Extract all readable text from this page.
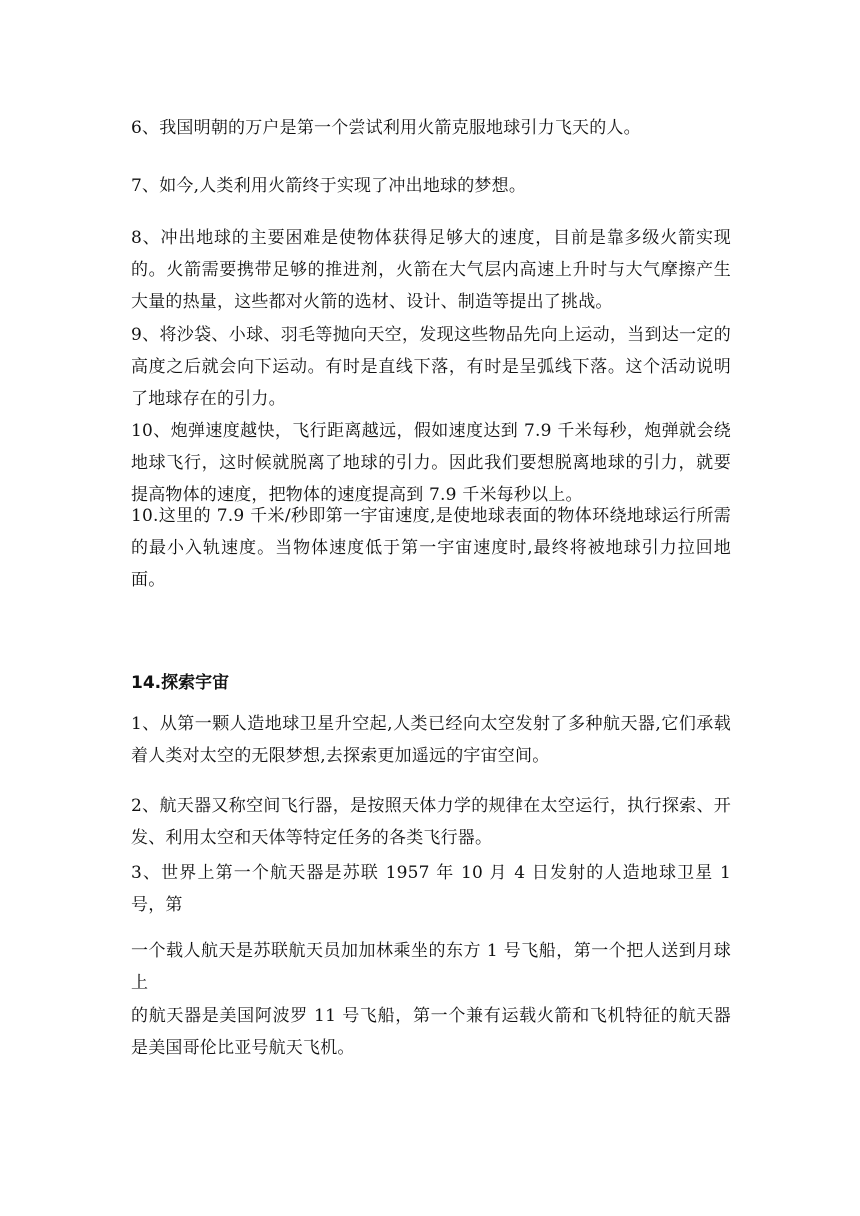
6、我国明朝的万户是第一个尝试利用火箭克服地球引力飞天的人。

7、如今,人类利用火箭终于实现了冲出地球的梦想。

8、冲出地球的主要困难是使物体获得足够大的速度，目前是靠多级火箭实现的。火箭需要携带足够的推进剂，火箭在大气层内高速上升时与大气摩擦产生大量的热量，这些都对火箭的选材、设计、制造等提出了挑战。

9、将沙袋、小球、羽毛等抛向天空，发现这些物品先向上运动，当到达一定的高度之后就会向下运动。有时是直线下落，有时是呈弧线下落。这个活动说明了地球存在的引力。

10、炮弹速度越快，飞行距离越远，假如速度达到 7.9 千米每秒，炮弹就会绕地球飞行，这时候就脱离了地球的引力。因此我们要想脱离地球的引力，就要提高物体的速度，把物体的速度提高到 7.9 千米每秒以上。

10.这里的 7.9 千米/秒即第一宇宙速度,是使地球表面的物体环绕地球运行所需的最小入轨速度。当物体速度低于第一宇宙速度时,最终将被地球引力拉回地面。

14.探索宇宙

1、从第一颗人造地球卫星升空起,人类已经向太空发射了多种航天器,它们承载着人类对太空的无限梦想,去探索更加遥远的宇宙空间。

2、航天器又称空间飞行器，是按照天体力学的规律在太空运行，执行探索、开发、利用太空和天体等特定任务的各类飞行器。

3、世界上第一个航天器是苏联 1957 年 10 月 4 日发射的人造地球卫星 1 号，第

一个载人航天是苏联航天员加加林乘坐的东方 1 号飞船，第一个把人送到月球上

的航天器是美国阿波罗 11 号飞船，第一个兼有运载火箭和飞机特征的航天器是美国哥伦比亚号航天飞机。
